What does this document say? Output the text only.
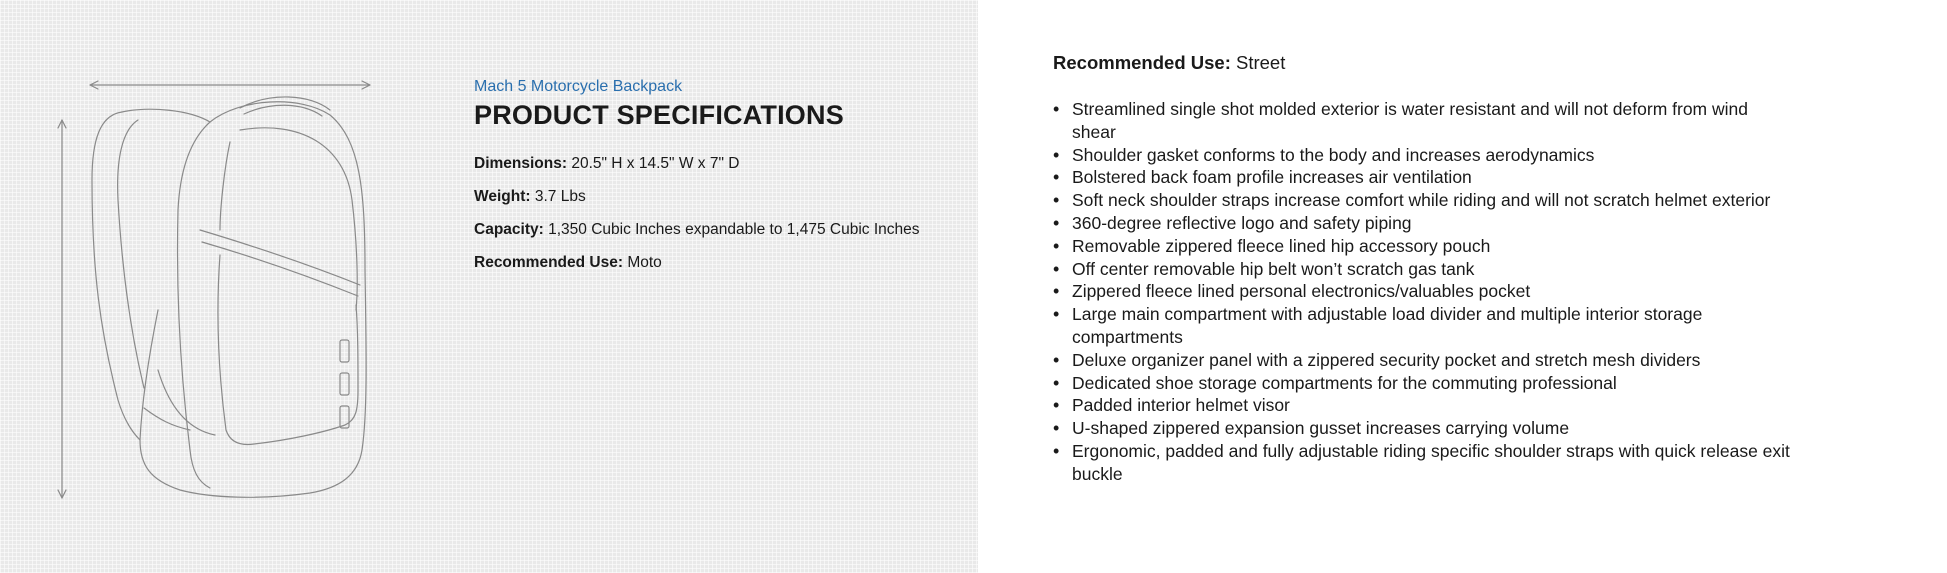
Mach 5 Motorcycle Backpack
PRODUCT SPECIFICATIONS
Dimensions: 20.5" H x 14.5" W x 7" D
Weight: 3.7 Lbs
Capacity: 1,350 Cubic Inches expandable to 1,475 Cubic Inches
Recommended Use: Moto
Recommended Use: Street
• Streamlined single shot molded exterior is water resistant and will not deform from wind shear
• Shoulder gasket conforms to the body and increases aerodynamics
• Bolstered back foam profile increases air ventilation
• Soft neck shoulder straps increase comfort while riding and will not scratch helmet exterior
• 360-degree reflective logo and safety piping
• Removable zippered fleece lined hip accessory pouch
• Off center removable hip belt won’t scratch gas tank
• Zippered fleece lined personal electronics/valuables pocket
• Large main compartment with adjustable load divider and multiple interior storage compartments
• Deluxe organizer panel with a zippered security pocket and stretch mesh dividers
• Dedicated shoe storage compartments for the commuting professional
• Padded interior helmet visor
• U-shaped zippered expansion gusset increases carrying volume
• Ergonomic, padded and fully adjustable riding specific shoulder straps with quick release exit buckle
